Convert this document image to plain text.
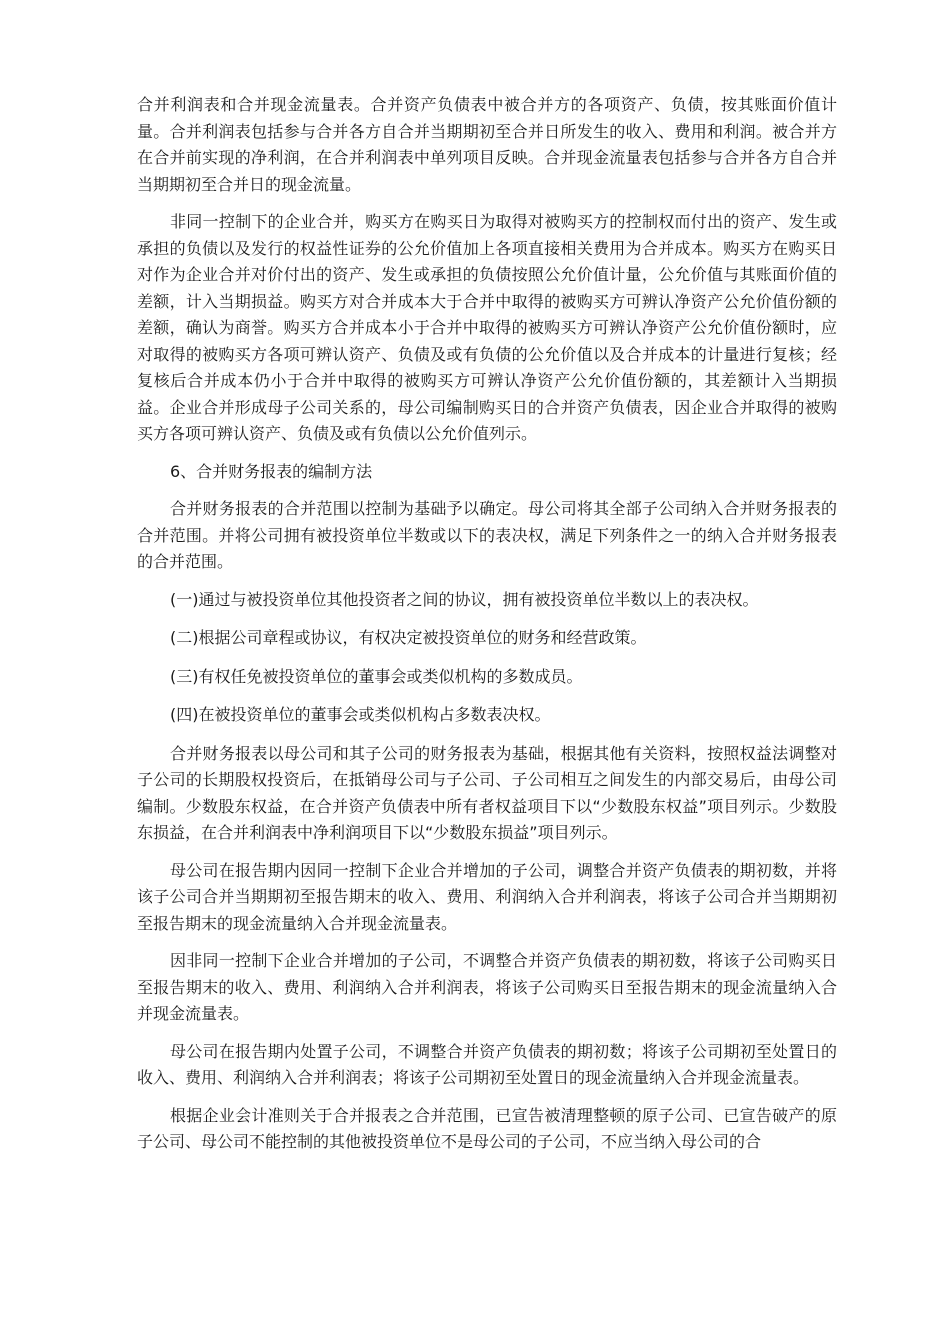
合并利润表和合并现金流量表。合并资产负债表中被合并方的各项资产、负债，按其账面价值计量。合并利润表包括参与合并各方自合并当期期初至合并日所发生的收入、费用和利润。被合并方在合并前实现的净利润，在合并利润表中单列项目反映。合并现金流量表包括参与合并各方自合并当期期初至合并日的现金流量。

非同一控制下的企业合并，购买方在购买日为取得对被购买方的控制权而付出的资产、发生或承担的负债以及发行的权益性证券的公允价值加上各项直接相关费用为合并成本。购买方在购买日对作为企业合并对价付出的资产、发生或承担的负债按照公允价值计量，公允价值与其账面价值的差额，计入当期损益。购买方对合并成本大于合并中取得的被购买方可辨认净资产公允价值份额的差额，确认为商誉。购买方合并成本小于合并中取得的被购买方可辨认净资产公允价值份额时，应对取得的被购买方各项可辨认资产、负债及或有负债的公允价值以及合并成本的计量进行复核；经复核后合并成本仍小于合并中取得的被购买方可辨认净资产公允价值份额的，其差额计入当期损益。企业合并形成母子公司关系的，母公司编制购买日的合并资产负债表，因企业合并取得的被购买方各项可辨认资产、负债及或有负债以公允价值列示。

6、合并财务报表的编制方法

合并财务报表的合并范围以控制为基础予以确定。母公司将其全部子公司纳入合并财务报表的合并范围。并将公司拥有被投资单位半数或以下的表决权，满足下列条件之一的纳入合并财务报表的合并范围。

(一)通过与被投资单位其他投资者之间的协议，拥有被投资单位半数以上的表决权。

(二)根据公司章程或协议，有权决定被投资单位的财务和经营政策。

(三)有权任免被投资单位的董事会或类似机构的多数成员。

(四)在被投资单位的董事会或类似机构占多数表决权。

合并财务报表以母公司和其子公司的财务报表为基础，根据其他有关资料，按照权益法调整对子公司的长期股权投资后，在抵销母公司与子公司、子公司相互之间发生的内部交易后，由母公司编制。少数股东权益，在合并资产负债表中所有者权益项目下以“少数股东权益”项目列示。少数股东损益，在合并利润表中净利润项目下以“少数股东损益”项目列示。

母公司在报告期内因同一控制下企业合并增加的子公司，调整合并资产负债表的期初数，并将该子公司合并当期期初至报告期末的收入、费用、利润纳入合并利润表，将该子公司合并当期期初至报告期末的现金流量纳入合并现金流量表。

因非同一控制下企业合并增加的子公司，不调整合并资产负债表的期初数，将该子公司购买日至报告期末的收入、费用、利润纳入合并利润表，将该子公司购买日至报告期末的现金流量纳入合并现金流量表。

母公司在报告期内处置子公司，不调整合并资产负债表的期初数；将该子公司期初至处置日的收入、费用、利润纳入合并利润表；将该子公司期初至处置日的现金流量纳入合并现金流量表。

根据企业会计准则关于合并报表之合并范围，已宣告被清理整顿的原子公司、已宣告破产的原子公司、母公司不能控制的其他被投资单位不是母公司的子公司，不应当纳入母公司的合
